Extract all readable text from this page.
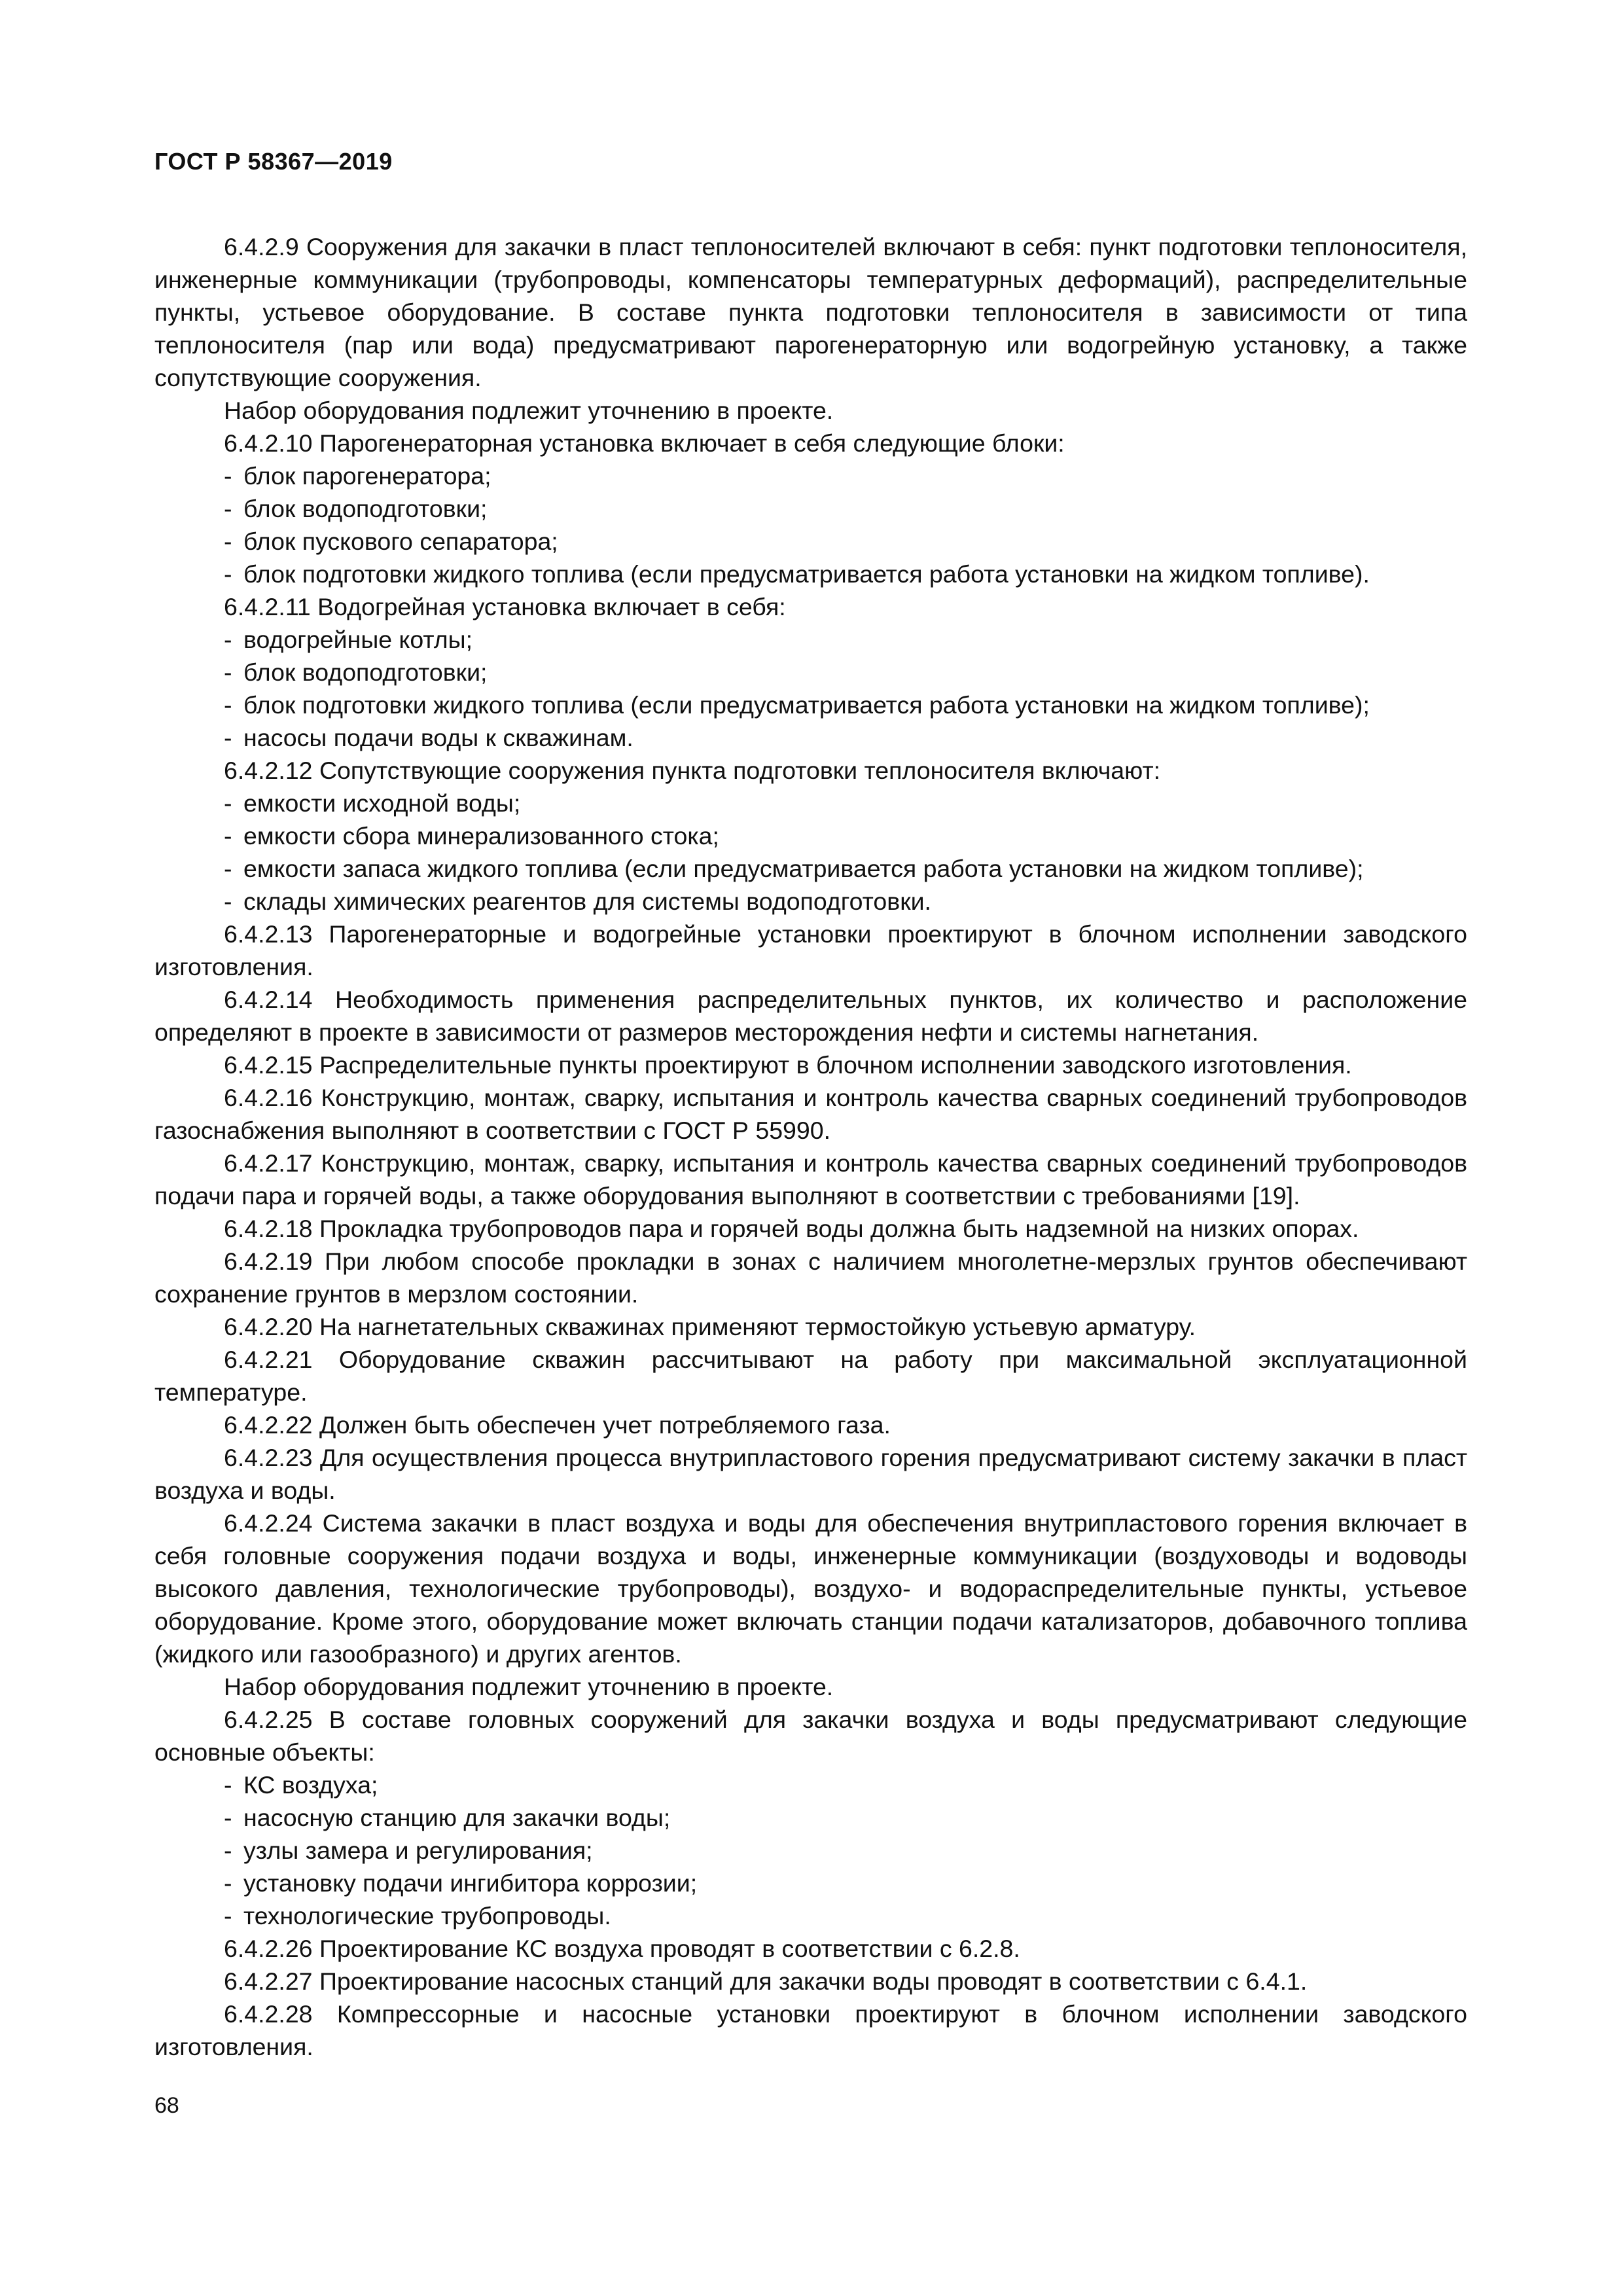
ГОСТ Р 58367—2019

6.4.2.9 Сооружения для закачки в пласт теплоносителей включают в себя: пункт подготовки теплоносителя, инженерные коммуникации (трубопроводы, компенсаторы температурных деформаций), распределительные пункты, устьевое оборудование. В составе пункта подготовки теплоносителя в зависимости от типа теплоносителя (пар или вода) предусматривают парогенераторную или водогрейную установку, а также сопутствующие сооружения.

Набор оборудования подлежит уточнению в проекте.

6.4.2.10 Парогенераторная установка включает в себя следующие блоки:

- блок парогенератора;
- блок водоподготовки;
- блок пускового сепаратора;
- блок подготовки жидкого топлива (если предусматривается работа установки на жидком топливе).

6.4.2.11 Водогрейная установка включает в себя:

- водогрейные котлы;
- блок водоподготовки;
- блок подготовки жидкого топлива (если предусматривается работа установки на жидком топливе);
- насосы подачи воды к скважинам.

6.4.2.12 Сопутствующие сооружения пункта подготовки теплоносителя включают:

- емкости исходной воды;
- емкости сбора минерализованного стока;
- емкости запаса жидкого топлива (если предусматривается работа установки на жидком топливе);
- склады химических реагентов для системы водоподготовки.

6.4.2.13 Парогенераторные и водогрейные установки проектируют в блочном исполнении заводского изготовления.

6.4.2.14 Необходимость применения распределительных пунктов, их количество и расположение определяют в проекте в зависимости от размеров месторождения нефти и системы нагнетания.

6.4.2.15 Распределительные пункты проектируют в блочном исполнении заводского изготовления.

6.4.2.16 Конструкцию, монтаж, сварку, испытания и контроль качества сварных соединений трубопроводов газоснабжения выполняют в соответствии с ГОСТ Р 55990.

6.4.2.17 Конструкцию, монтаж, сварку, испытания и контроль качества сварных соединений трубопроводов подачи пара и горячей воды, а также оборудования выполняют в соответствии с требованиями [19].

6.4.2.18 Прокладка трубопроводов пара и горячей воды должна быть надземной на низких опорах.

6.4.2.19 При любом способе прокладки в зонах с наличием многолетне-мерзлых грунтов обеспечивают сохранение грунтов в мерзлом состоянии.

6.4.2.20 На нагнетательных скважинах применяют термостойкую устьевую арматуру.

6.4.2.21 Оборудование скважин рассчитывают на работу при максимальной эксплуатационной температуре.

6.4.2.22 Должен быть обеспечен учет потребляемого газа.

6.4.2.23 Для осуществления процесса внутрипластового горения предусматривают систему закачки в пласт воздуха и воды.

6.4.2.24 Система закачки в пласт воздуха и воды для обеспечения внутрипластового горения включает в себя головные сооружения подачи воздуха и воды, инженерные коммуникации (воздуховоды и водоводы высокого давления, технологические трубопроводы), воздухо- и водораспределительные пункты, устьевое оборудование. Кроме этого, оборудование может включать станции подачи катализаторов, добавочного топлива (жидкого или газообразного) и других агентов.

Набор оборудования подлежит уточнению в проекте.

6.4.2.25 В составе головных сооружений для закачки воздуха и воды предусматривают следующие основные объекты:

- КС воздуха;
- насосную станцию для закачки воды;
- узлы замера и регулирования;
- установку подачи ингибитора коррозии;
- технологические трубопроводы.

6.4.2.26 Проектирование КС воздуха проводят в соответствии с 6.2.8.

6.4.2.27 Проектирование насосных станций для закачки воды проводят в соответствии с 6.4.1.

6.4.2.28 Компрессорные и насосные установки проектируют в блочном исполнении заводского изготовления.

68
